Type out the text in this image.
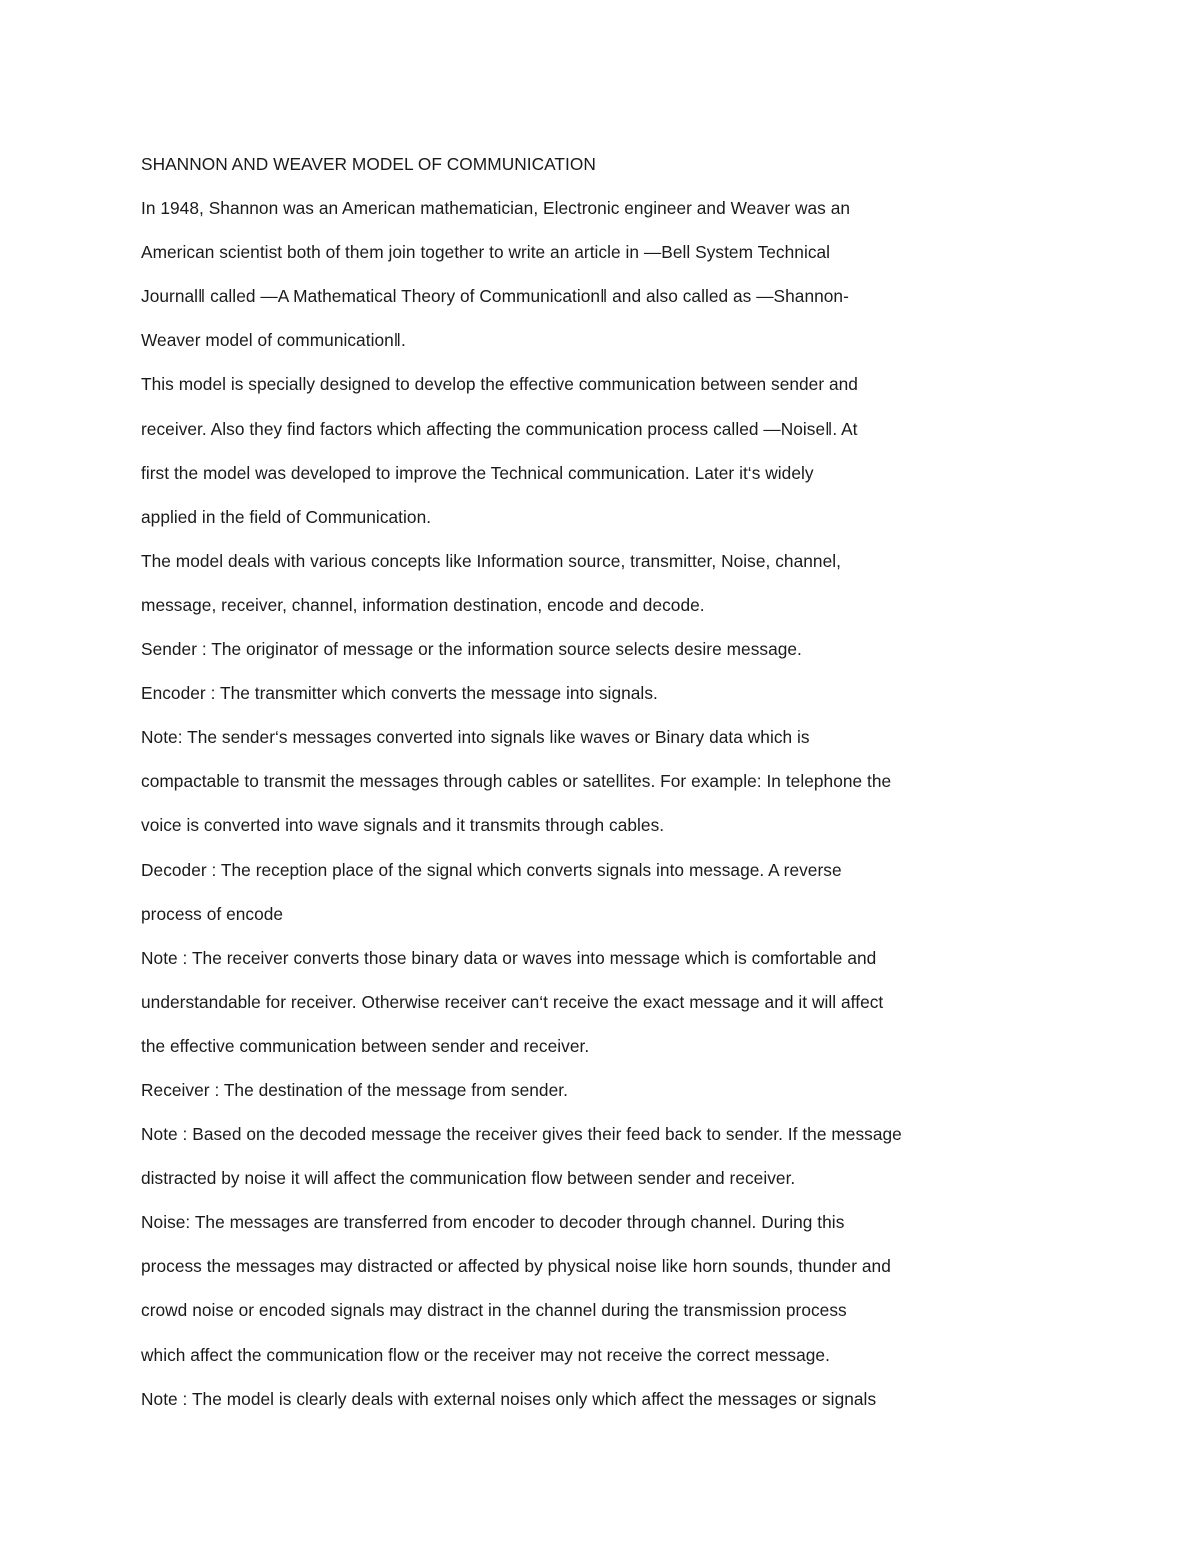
SHANNON AND WEAVER MODEL OF COMMUNICATION
In 1948, Shannon was an American mathematician, Electronic engineer and Weaver was an
American scientist both of them join together to write an article in ―Bell System Technical
Journal‖ called ―A Mathematical Theory of Communication‖ and also called as ―Shannon-
Weaver model of communication‖.
This model is specially designed to develop the effective communication between sender and
receiver. Also they find factors which affecting the communication process called ―Noise‖. At
first the model was developed to improve the Technical communication. Later it‘s widely
applied in the field of Communication.
The model deals with various concepts like Information source, transmitter, Noise, channel,
message, receiver, channel, information destination, encode and decode.
Sender : The originator of message or the information source selects desire message.
Encoder : The transmitter which converts the message into signals.
Note: The sender‘s messages converted into signals like waves or Binary data which is
compactable to transmit the messages through cables or satellites. For example: In telephone the
voice is converted into wave signals and it transmits through cables.
Decoder : The reception place of the signal which converts signals into message. A reverse
process of encode
Note : The receiver converts those binary data or waves into message which is comfortable and
understandable for receiver. Otherwise receiver can‘t receive the exact message and it will affect
the effective communication between sender and receiver.
Receiver : The destination of the message from sender.
Note : Based on the decoded message the receiver gives their feed back to sender. If the message
distracted by noise it will affect the communication flow between sender and receiver.
Noise: The messages are transferred from encoder to decoder through channel. During this
process the messages may distracted or affected by physical noise like horn sounds, thunder and
crowd noise or encoded signals may distract in the channel during the transmission process
which affect the communication flow or the receiver may not receive the correct message.
Note : The model is clearly deals with external noises only which affect the messages or signals
